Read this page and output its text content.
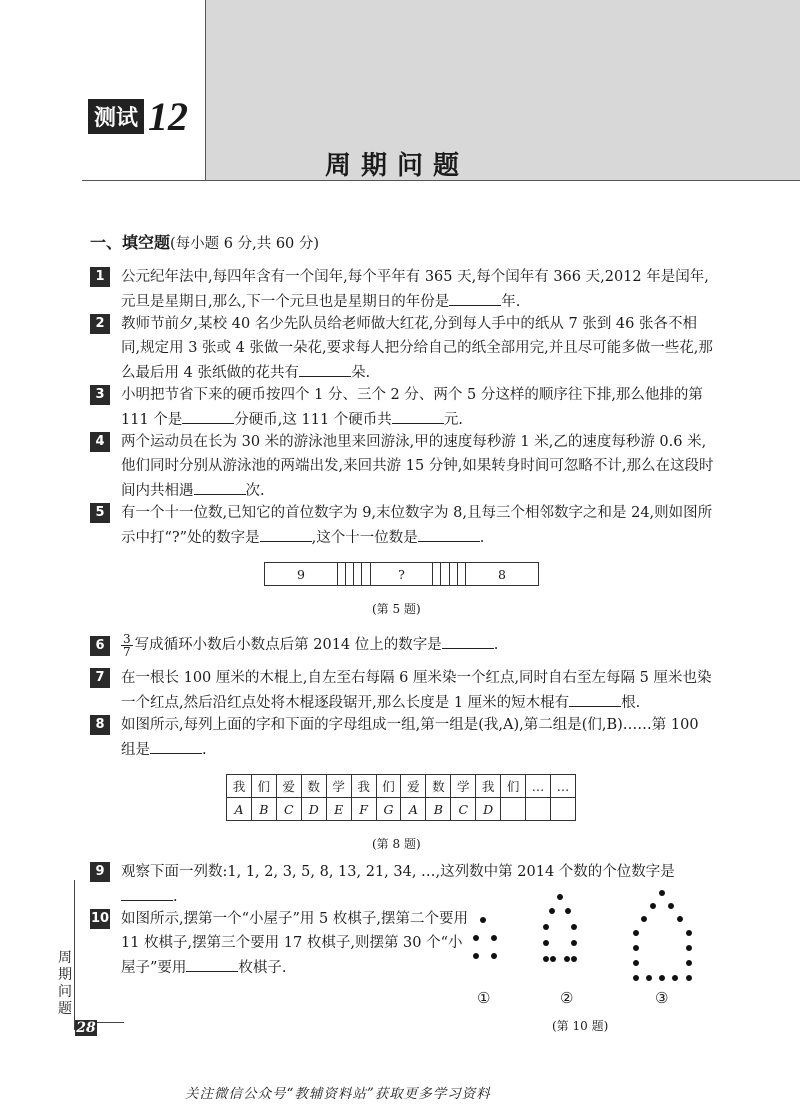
测试 12
周期问题
一、填空题(每小题 6 分,共 60 分)
1	公元纪年法中,每四年含有一个闰年,每个平年有 365 天,每个闰年有 366 天,2012 年是闰年,元旦是星期日,那么,下一个元旦也是星期日的年份是	年.
2	教师节前夕,某校 40 名少先队员给老师做大红花,分到每人手中的纸从 7 张到 46 张各不相同,规定用 3 张或 4 张做一朵花,要求每人把分给自己的纸全部用完,并且尽可能多做一些花,那么最后用 4 张纸做的花共有	朵.
3	小明把节省下来的硬币按四个 1 分、三个 2 分、两个 5 分这样的顺序往下排,那么他排的第 111 个是	分硬币,这 111 个硬币共	元.
4	两个运动员在长为 30 米的游泳池里来回游泳,甲的速度每秒游 1 米,乙的速度每秒游 0.6 米,他们同时分别从游泳池的两端出发,来回共游 15 分钟,如果转身时间可忽略不计,那么在这段时间内共相遇	次.
5	有一个十一位数,已知它的首位数字为 9,末位数字为 8,且每三个相邻数字之和是 24,则如图所示中打“?”处的数字是	,这个十一位数是	.
9					?					8
(第 5 题)
6	$\frac{3}{7}$ 写成循环小数后小数点后第 2014 位上的数字是	.
7	在一根长 100 厘米的木棍上,自左至右每隔 6 厘米染一个红点,同时自右至左每隔 5 厘米也染一个红点,然后沿红点处将木棍逐段锯开,那么长度是 1 厘米的短木棍有	根.
8	如图所示,每列上面的字和下面的字母组成一组,第一组是(我,A),第二组是(们,B)……第 100 组是	.
我	们	爱	数	学	我	们	爱	数	学	我	们	…	…
A	B	C	D	E	F	G	A	B	C	D			
(第 8 题)
9	观察下面一列数:1, 1, 2, 3, 5, 8, 13, 21, 34, …,这列数中第 2014 个数的个位数字是.
10 如图所示,摆第一个“小屋子”用 5 枚棋子,摆第二个要用 11 枚棋子,摆第三个要用 17 枚棋子,则摆第 30 个“小屋子”要用	枚棋子.
①	②	③
(第 10 题)
周期问题
28
关注微信公众号“教辅资料站”获取更多学习资料
